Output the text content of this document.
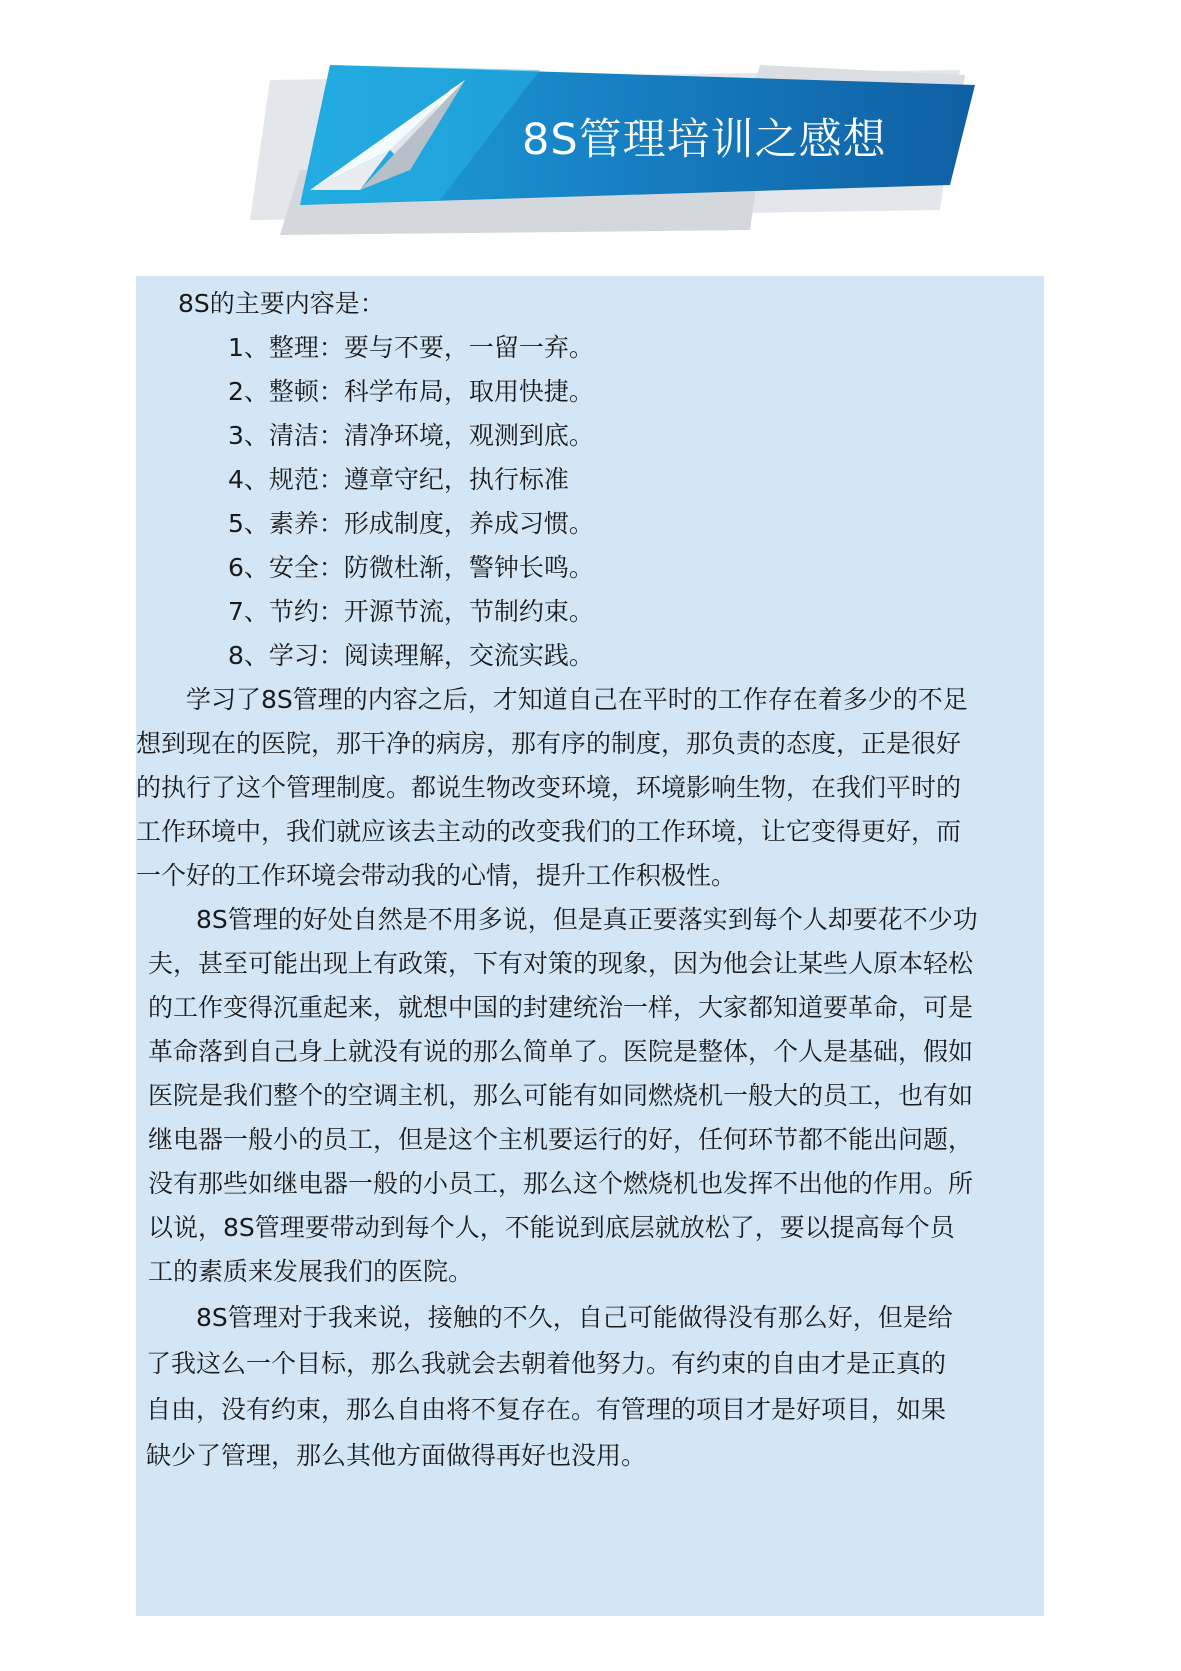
8S管理培训之感想
8S的主要内容是：
1、整理：要与不要，一留一弃。
2、整顿：科学布局，取用快捷。
3、清洁：清净环境，观测到底。
4、规范：遵章守纪，执行标准
5、素养：形成制度，养成习惯。
6、安全：防微杜渐，警钟长鸣。
7、节约：开源节流，节制约束。
8、学习：阅读理解，交流实践。
学习了8S管理的内容之后，才知道自己在平时的工作存在着多少的不足
想到现在的医院，那干净的病房，那有序的制度，那负责的态度，正是很好
的执行了这个管理制度。都说生物改变环境，环境影响生物，在我们平时的
工作环境中，我们就应该去主动的改变我们的工作环境，让它变得更好，而
一个好的工作环境会带动我的心情，提升工作积极性。
8S管理的好处自然是不用多说，但是真正要落实到每个人却要花不少功
夫，甚至可能出现上有政策，下有对策的现象，因为他会让某些人原本轻松
的工作变得沉重起来，就想中国的封建统治一样，大家都知道要革命，可是
革命落到自己身上就没有说的那么简单了。医院是整体，个人是基础，假如
医院是我们整个的空调主机，那么可能有如同燃烧机一般大的员工，也有如
继电器一般小的员工，但是这个主机要运行的好，任何环节都不能出问题，
没有那些如继电器一般的小员工，那么这个燃烧机也发挥不出他的作用。所
以说，8S管理要带动到每个人，不能说到底层就放松了，要以提高每个员
工的素质来发展我们的医院。
8S管理对于我来说，接触的不久，自己可能做得没有那么好，但是给
了我这么一个目标，那么我就会去朝着他努力。有约束的自由才是正真的
自由，没有约束，那么自由将不复存在。有管理的项目才是好项目，如果
缺少了管理，那么其他方面做得再好也没用。
